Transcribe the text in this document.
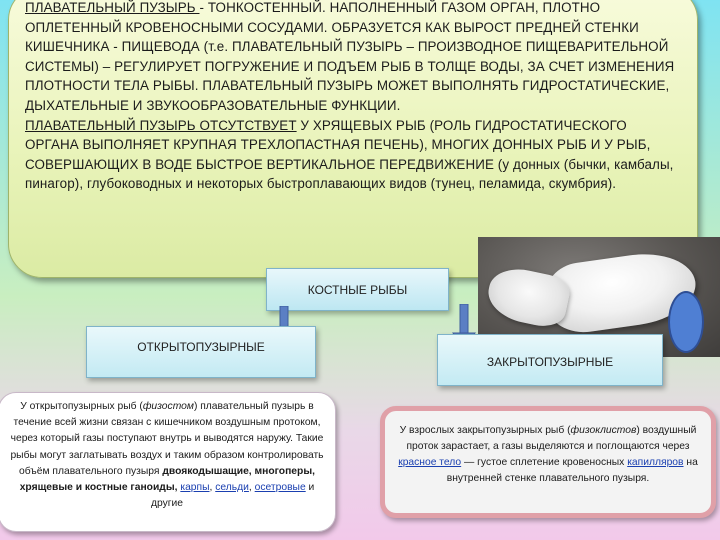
ПЛАВАТЕЛЬНЫЙ ПУЗЫРЬ - ТОНКОСТЕННЫЙ. НАПОЛНЕННЫЙ ГАЗОМ ОРГАН, ПЛОТНО ОПЛЕТЕННЫЙ КРОВЕНОСНЫМИ СОСУДАМИ. ОБРАЗУЕТСЯ КАК ВЫРОСТ ПРЕДНЕЙ СТЕНКИ КИШЕЧНИКА - ПИЩЕВОДА (т.е. ПЛАВАТЕЛЬНЫЙ ПУЗЫРЬ – ПРОИЗВОДНОЕ ПИЩЕВАРИТЕЛЬНОЙ СИСТЕМЫ) – РЕГУЛИРУЕТ ПОГРУЖЕНИЕ И ПОДЪЕМ РЫБ В ТОЛЩЕ ВОДЫ, ЗА СЧЕТ ИЗМЕНЕНИЯ ПЛОТНОСТИ ТЕЛА РЫБЫ. ПЛАВАТЕЛЬНЫЙ ПУЗЫРЬ МОЖЕТ ВЫПОЛНЯТЬ ГИДРОСТАТИЧЕСКИЕ, ДЫХАТЕЛЬНЫЕ И ЗВУКООБРАЗОВАТЕЛЬНЫЕ ФУНКЦИИ.
ПЛАВАТЕЛЬНЫЙ ПУЗЫРЬ ОТСУТСТВУЕТ У ХРЯЩЕВЫХ РЫБ (РОЛЬ ГИДРОСТАТИЧЕСКОГО ОРГАНА ВЫПОЛНЯЕТ КРУПНАЯ ТРЕХЛОПАСТНАЯ ПЕЧЕНЬ), МНОГИХ ДОННЫХ РЫБ И У РЫБ, СОВЕРШАЮЩИХ В ВОДЕ БЫСТРОЕ ВЕРТИКАЛЬНОЕ ПЕРЕДВИЖЕНИЕ (у донных (бычки, камбалы, пинагор), глубоководных и некоторых быстроплавающих видов (тунец, пеламида, скумбрия).
КОСТНЫЕ РЫБЫ
ОТКРЫТОПУЗЫРНЫЕ
ЗАКРЫТОПУЗЫРНЫЕ
У открытопузырных рыб (физостом) плавательный пузырь в течение всей жизни связан с кишечником воздушным протоком, через который газы поступают внутрь и выводятся наружу. Такие рыбы могут заглатывать воздух и таким образом контролировать объём плавательного пузыря двоякодышащие, многоперы, хрящевые и костные ганоиды, карпы, сельди, осетровые и другие
У взрослых закрытопузырных рыб (физоклистов) воздушный проток зарастает, а газы выделяются и поглощаются через красное тело — густое сплетение кровеносных капилляров на внутренней стенке плавательного пузыря.
